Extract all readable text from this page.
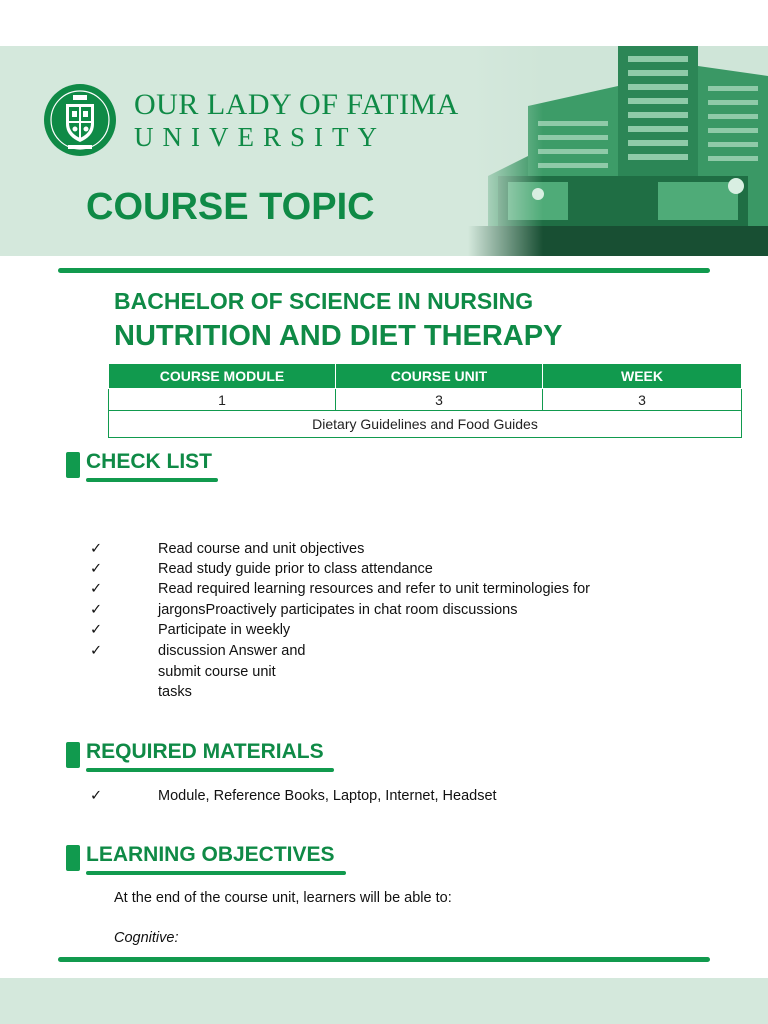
OUR LADY OF FATIMA
UNIVERSITY
COURSE TOPIC
BACHELOR OF SCIENCE IN NURSING
NUTRITION AND DIET THERAPY
COURSE MODULE	COURSE UNIT	WEEK
1	3	3
Dietary Guidelines and Food Guides		
CHECK LIST
✓	Read course and unit objectives
✓	Read study guide prior to class attendance
✓	Read required learning resources and refer to unit terminologies for
✓	jargonsProactively participates in chat room discussions
✓	Participate in weekly
✓	discussion Answer and
submit course unit
tasks
REQUIRED MATERIALS
✓	Module, Reference Books, Laptop, Internet, Headset
LEARNING OBJECTIVES
At the end of the course unit, learners will be able to:
Cognitive:
